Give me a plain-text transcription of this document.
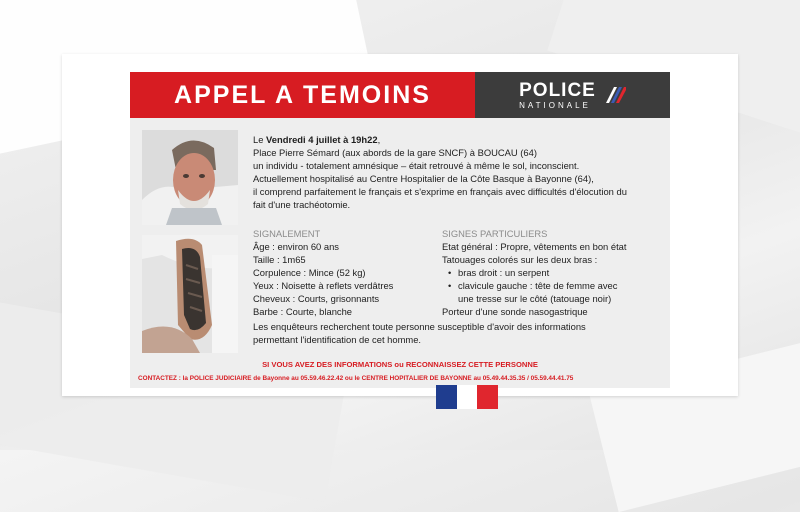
APPEL A TEMOINS	POLICE
NATIONALE

Le Vendredi 4 juillet à 19h22,

Place Pierre Sémard (aux abords de la gare SNCF) à BOUCAU (64)

un individu - totalement amnésique – était retrouvé à même le sol, inconscient.

Actuellement hospitalisé au Centre Hospitalier de la Côte Basque à Bayonne (64),

il comprend parfaitement le français et s'exprime en français avec difficultés d'élocution du

fait d'une trachéotomie.

SIGNALEMENT
Âge : environ 60 ans
Taille : 1m65
Corpulence : Mince (52 kg)
Yeux : Noisette à reflets verdâtres
Cheveux : Courts, grisonnants
Barbe : Courte, blanche
SIGNES PARTICULIERS
Etat général : Propre, vêtements en bon état
Tatouages colorés sur les deux bras :
• bras droit : un serpent
• clavicule gauche : tête de femme avec
une tresse sur le côté (tatouage noir)
Porteur d'une sonde nasogastrique

Les enquêteurs recherchent toute personne susceptible d'avoir des informations

permettant l'identification de cet homme.

SI VOUS AVEZ DES INFORMATIONS ou RECONNAISSEZ CETTE PERSONNE
CONTACTEZ : la POLICE JUDICIAIRE de Bayonne au 05.59.46.22.42 ou le CENTRE HOPITALIER DE BAYONNE au 05.49.44.35.35 / 05.59.44.41.75
